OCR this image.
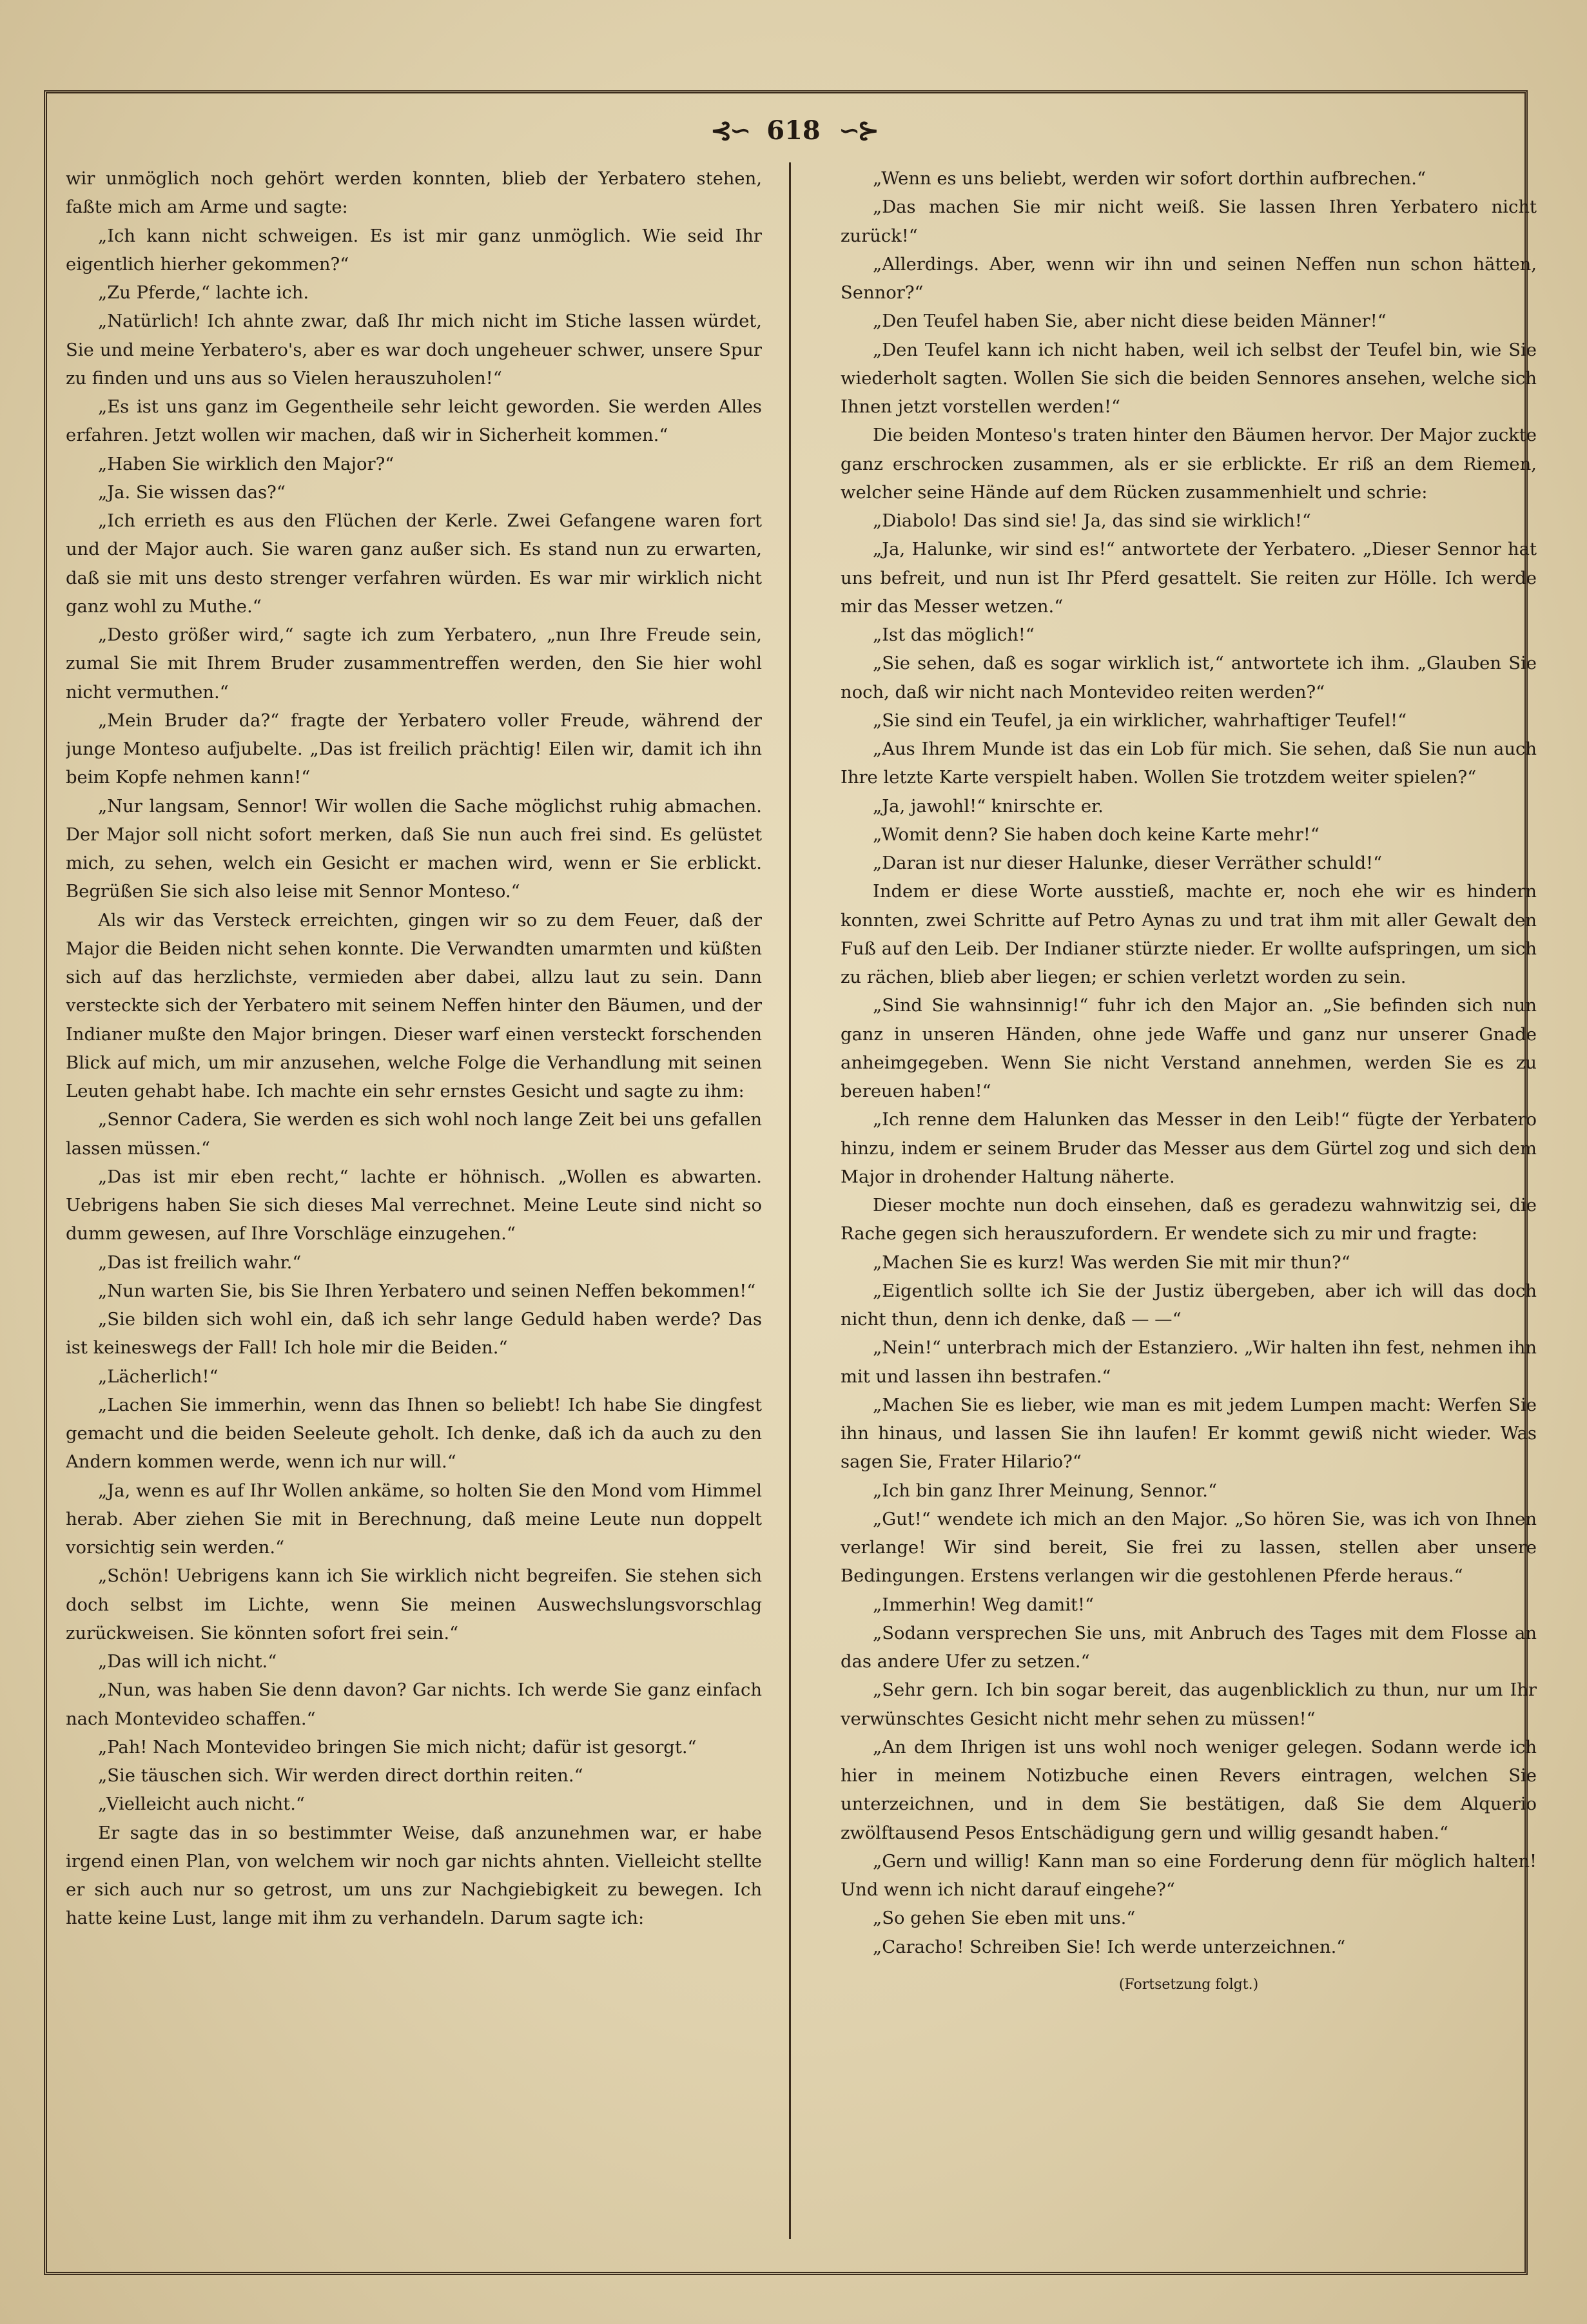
⊰∽ 618 ∽⊱

wir unmöglich noch gehört werden konnten, blieb der Yerbatero stehen, faßte mich am Arme und sagte:

„Ich kann nicht schweigen. Es ist mir ganz unmöglich. Wie seid Ihr eigentlich hierher gekommen?“

„Zu Pferde,“ lachte ich.

„Natürlich! Ich ahnte zwar, daß Ihr mich nicht im Stiche lassen würdet, Sie und meine Yerbatero's, aber es war doch ungeheuer schwer, unsere Spur zu finden und uns aus so Vielen herauszuholen!“

„Es ist uns ganz im Gegentheile sehr leicht geworden. Sie werden Alles erfahren. Jetzt wollen wir machen, daß wir in Sicherheit kommen.“

„Haben Sie wirklich den Major?“

„Ja. Sie wissen das?“

„Ich errieth es aus den Flüchen der Kerle. Zwei Gefangene waren fort und der Major auch. Sie waren ganz außer sich. Es stand nun zu erwarten, daß sie mit uns desto strenger verfahren würden. Es war mir wirklich nicht ganz wohl zu Muthe.“

„Desto größer wird,“ sagte ich zum Yerbatero, „nun Ihre Freude sein, zumal Sie mit Ihrem Bruder zusammentreffen werden, den Sie hier wohl nicht vermuthen.“

„Mein Bruder da?“ fragte der Yerbatero voller Freude, während der junge Monteso aufjubelte. „Das ist freilich prächtig! Eilen wir, damit ich ihn beim Kopfe nehmen kann!“

„Nur langsam, Sennor! Wir wollen die Sache möglichst ruhig abmachen. Der Major soll nicht sofort merken, daß Sie nun auch frei sind. Es gelüstet mich, zu sehen, welch ein Gesicht er machen wird, wenn er Sie erblickt. Begrüßen Sie sich also leise mit Sennor Monteso.“

Als wir das Versteck erreichten, gingen wir so zu dem Feuer, daß der Major die Beiden nicht sehen konnte. Die Verwandten umarmten und küßten sich auf das herzlichste, vermieden aber dabei, allzu laut zu sein. Dann versteckte sich der Yerbatero mit seinem Neffen hinter den Bäumen, und der Indianer mußte den Major bringen. Dieser warf einen versteckt forschenden Blick auf mich, um mir anzusehen, welche Folge die Verhandlung mit seinen Leuten gehabt habe. Ich machte ein sehr ernstes Gesicht und sagte zu ihm:

„Sennor Cadera, Sie werden es sich wohl noch lange Zeit bei uns gefallen lassen müssen.“

„Das ist mir eben recht,“ lachte er höhnisch. „Wollen es abwarten. Uebrigens haben Sie sich dieses Mal verrechnet. Meine Leute sind nicht so dumm gewesen, auf Ihre Vorschläge einzugehen.“

„Das ist freilich wahr.“

„Nun warten Sie, bis Sie Ihren Yerbatero und seinen Neffen bekommen!“

„Sie bilden sich wohl ein, daß ich sehr lange Geduld haben werde? Das ist keineswegs der Fall! Ich hole mir die Beiden.“

„Lächerlich!“

„Lachen Sie immerhin, wenn das Ihnen so beliebt! Ich habe Sie dingfest gemacht und die beiden Seeleute geholt. Ich denke, daß ich da auch zu den Andern kommen werde, wenn ich nur will.“

„Ja, wenn es auf Ihr Wollen ankäme, so holten Sie den Mond vom Himmel herab. Aber ziehen Sie mit in Berechnung, daß meine Leute nun doppelt vorsichtig sein werden.“

„Schön! Uebrigens kann ich Sie wirklich nicht begreifen. Sie stehen sich doch selbst im Lichte, wenn Sie meinen Auswechslungsvorschlag zurückweisen. Sie könnten sofort frei sein.“

„Das will ich nicht.“

„Nun, was haben Sie denn davon? Gar nichts. Ich werde Sie ganz einfach nach Montevideo schaffen.“

„Pah! Nach Montevideo bringen Sie mich nicht; dafür ist gesorgt.“

„Sie täuschen sich. Wir werden direct dorthin reiten.“

„Vielleicht auch nicht.“

Er sagte das in so bestimmter Weise, daß anzunehmen war, er habe irgend einen Plan, von welchem wir noch gar nichts ahnten. Vielleicht stellte er sich auch nur so getrost, um uns zur Nachgiebigkeit zu bewegen. Ich hatte keine Lust, lange mit ihm zu verhandeln. Darum sagte ich:

„Wenn es uns beliebt, werden wir sofort dorthin aufbrechen.“

„Das machen Sie mir nicht weiß. Sie lassen Ihren Yerbatero nicht zurück!“

„Allerdings. Aber, wenn wir ihn und seinen Neffen nun schon hätten, Sennor?“

„Den Teufel haben Sie, aber nicht diese beiden Männer!“

„Den Teufel kann ich nicht haben, weil ich selbst der Teufel bin, wie Sie wiederholt sagten. Wollen Sie sich die beiden Sennores ansehen, welche sich Ihnen jetzt vorstellen werden!“

Die beiden Monteso's traten hinter den Bäumen hervor. Der Major zuckte ganz erschrocken zusammen, als er sie erblickte. Er riß an dem Riemen, welcher seine Hände auf dem Rücken zusammenhielt und schrie:

„Diabolo! Das sind sie! Ja, das sind sie wirklich!“

„Ja, Halunke, wir sind es!“ antwortete der Yerbatero. „Dieser Sennor hat uns befreit, und nun ist Ihr Pferd gesattelt. Sie reiten zur Hölle. Ich werde mir das Messer wetzen.“

„Ist das möglich!“

„Sie sehen, daß es sogar wirklich ist,“ antwortete ich ihm. „Glauben Sie noch, daß wir nicht nach Montevideo reiten werden?“

„Sie sind ein Teufel, ja ein wirklicher, wahrhaftiger Teufel!“

„Aus Ihrem Munde ist das ein Lob für mich. Sie sehen, daß Sie nun auch Ihre letzte Karte verspielt haben. Wollen Sie trotzdem weiter spielen?“

„Ja, jawohl!“ knirschte er.

„Womit denn? Sie haben doch keine Karte mehr!“

„Daran ist nur dieser Halunke, dieser Verräther schuld!“

Indem er diese Worte ausstieß, machte er, noch ehe wir es hindern konnten, zwei Schritte auf Petro Aynas zu und trat ihm mit aller Gewalt den Fuß auf den Leib. Der Indianer stürzte nieder. Er wollte aufspringen, um sich zu rächen, blieb aber liegen; er schien verletzt worden zu sein.

„Sind Sie wahnsinnig!“ fuhr ich den Major an. „Sie befinden sich nun ganz in unseren Händen, ohne jede Waffe und ganz nur unserer Gnade anheimgegeben. Wenn Sie nicht Verstand annehmen, werden Sie es zu bereuen haben!“

„Ich renne dem Halunken das Messer in den Leib!“ fügte der Yerbatero hinzu, indem er seinem Bruder das Messer aus dem Gürtel zog und sich dem Major in drohender Haltung näherte.

Dieser mochte nun doch einsehen, daß es geradezu wahnwitzig sei, die Rache gegen sich herauszufordern. Er wendete sich zu mir und fragte:

„Machen Sie es kurz! Was werden Sie mit mir thun?“

„Eigentlich sollte ich Sie der Justiz übergeben, aber ich will das doch nicht thun, denn ich denke, daß — —“

„Nein!“ unterbrach mich der Estanziero. „Wir halten ihn fest, nehmen ihn mit und lassen ihn bestrafen.“

„Machen Sie es lieber, wie man es mit jedem Lumpen macht: Werfen Sie ihn hinaus, und lassen Sie ihn laufen! Er kommt gewiß nicht wieder. Was sagen Sie, Frater Hilario?“

„Ich bin ganz Ihrer Meinung, Sennor.“

„Gut!“ wendete ich mich an den Major. „So hören Sie, was ich von Ihnen verlange! Wir sind bereit, Sie frei zu lassen, stellen aber unsere Bedingungen. Erstens verlangen wir die gestohlenen Pferde heraus.“

„Immerhin! Weg damit!“

„Sodann versprechen Sie uns, mit Anbruch des Tages mit dem Flosse an das andere Ufer zu setzen.“

„Sehr gern. Ich bin sogar bereit, das augenblicklich zu thun, nur um Ihr verwünschtes Gesicht nicht mehr sehen zu müssen!“

„An dem Ihrigen ist uns wohl noch weniger gelegen. Sodann werde ich hier in meinem Notizbuche einen Revers eintragen, welchen Sie unterzeichnen, und in dem Sie bestätigen, daß Sie dem Alquerio zwölftausend Pesos Entschädigung gern und willig gesandt haben.“

„Gern und willig! Kann man so eine Forderung denn für möglich halten! Und wenn ich nicht darauf eingehe?“

„So gehen Sie eben mit uns.“

„Caracho! Schreiben Sie! Ich werde unterzeichnen.“

(Fortsetzung folgt.)
